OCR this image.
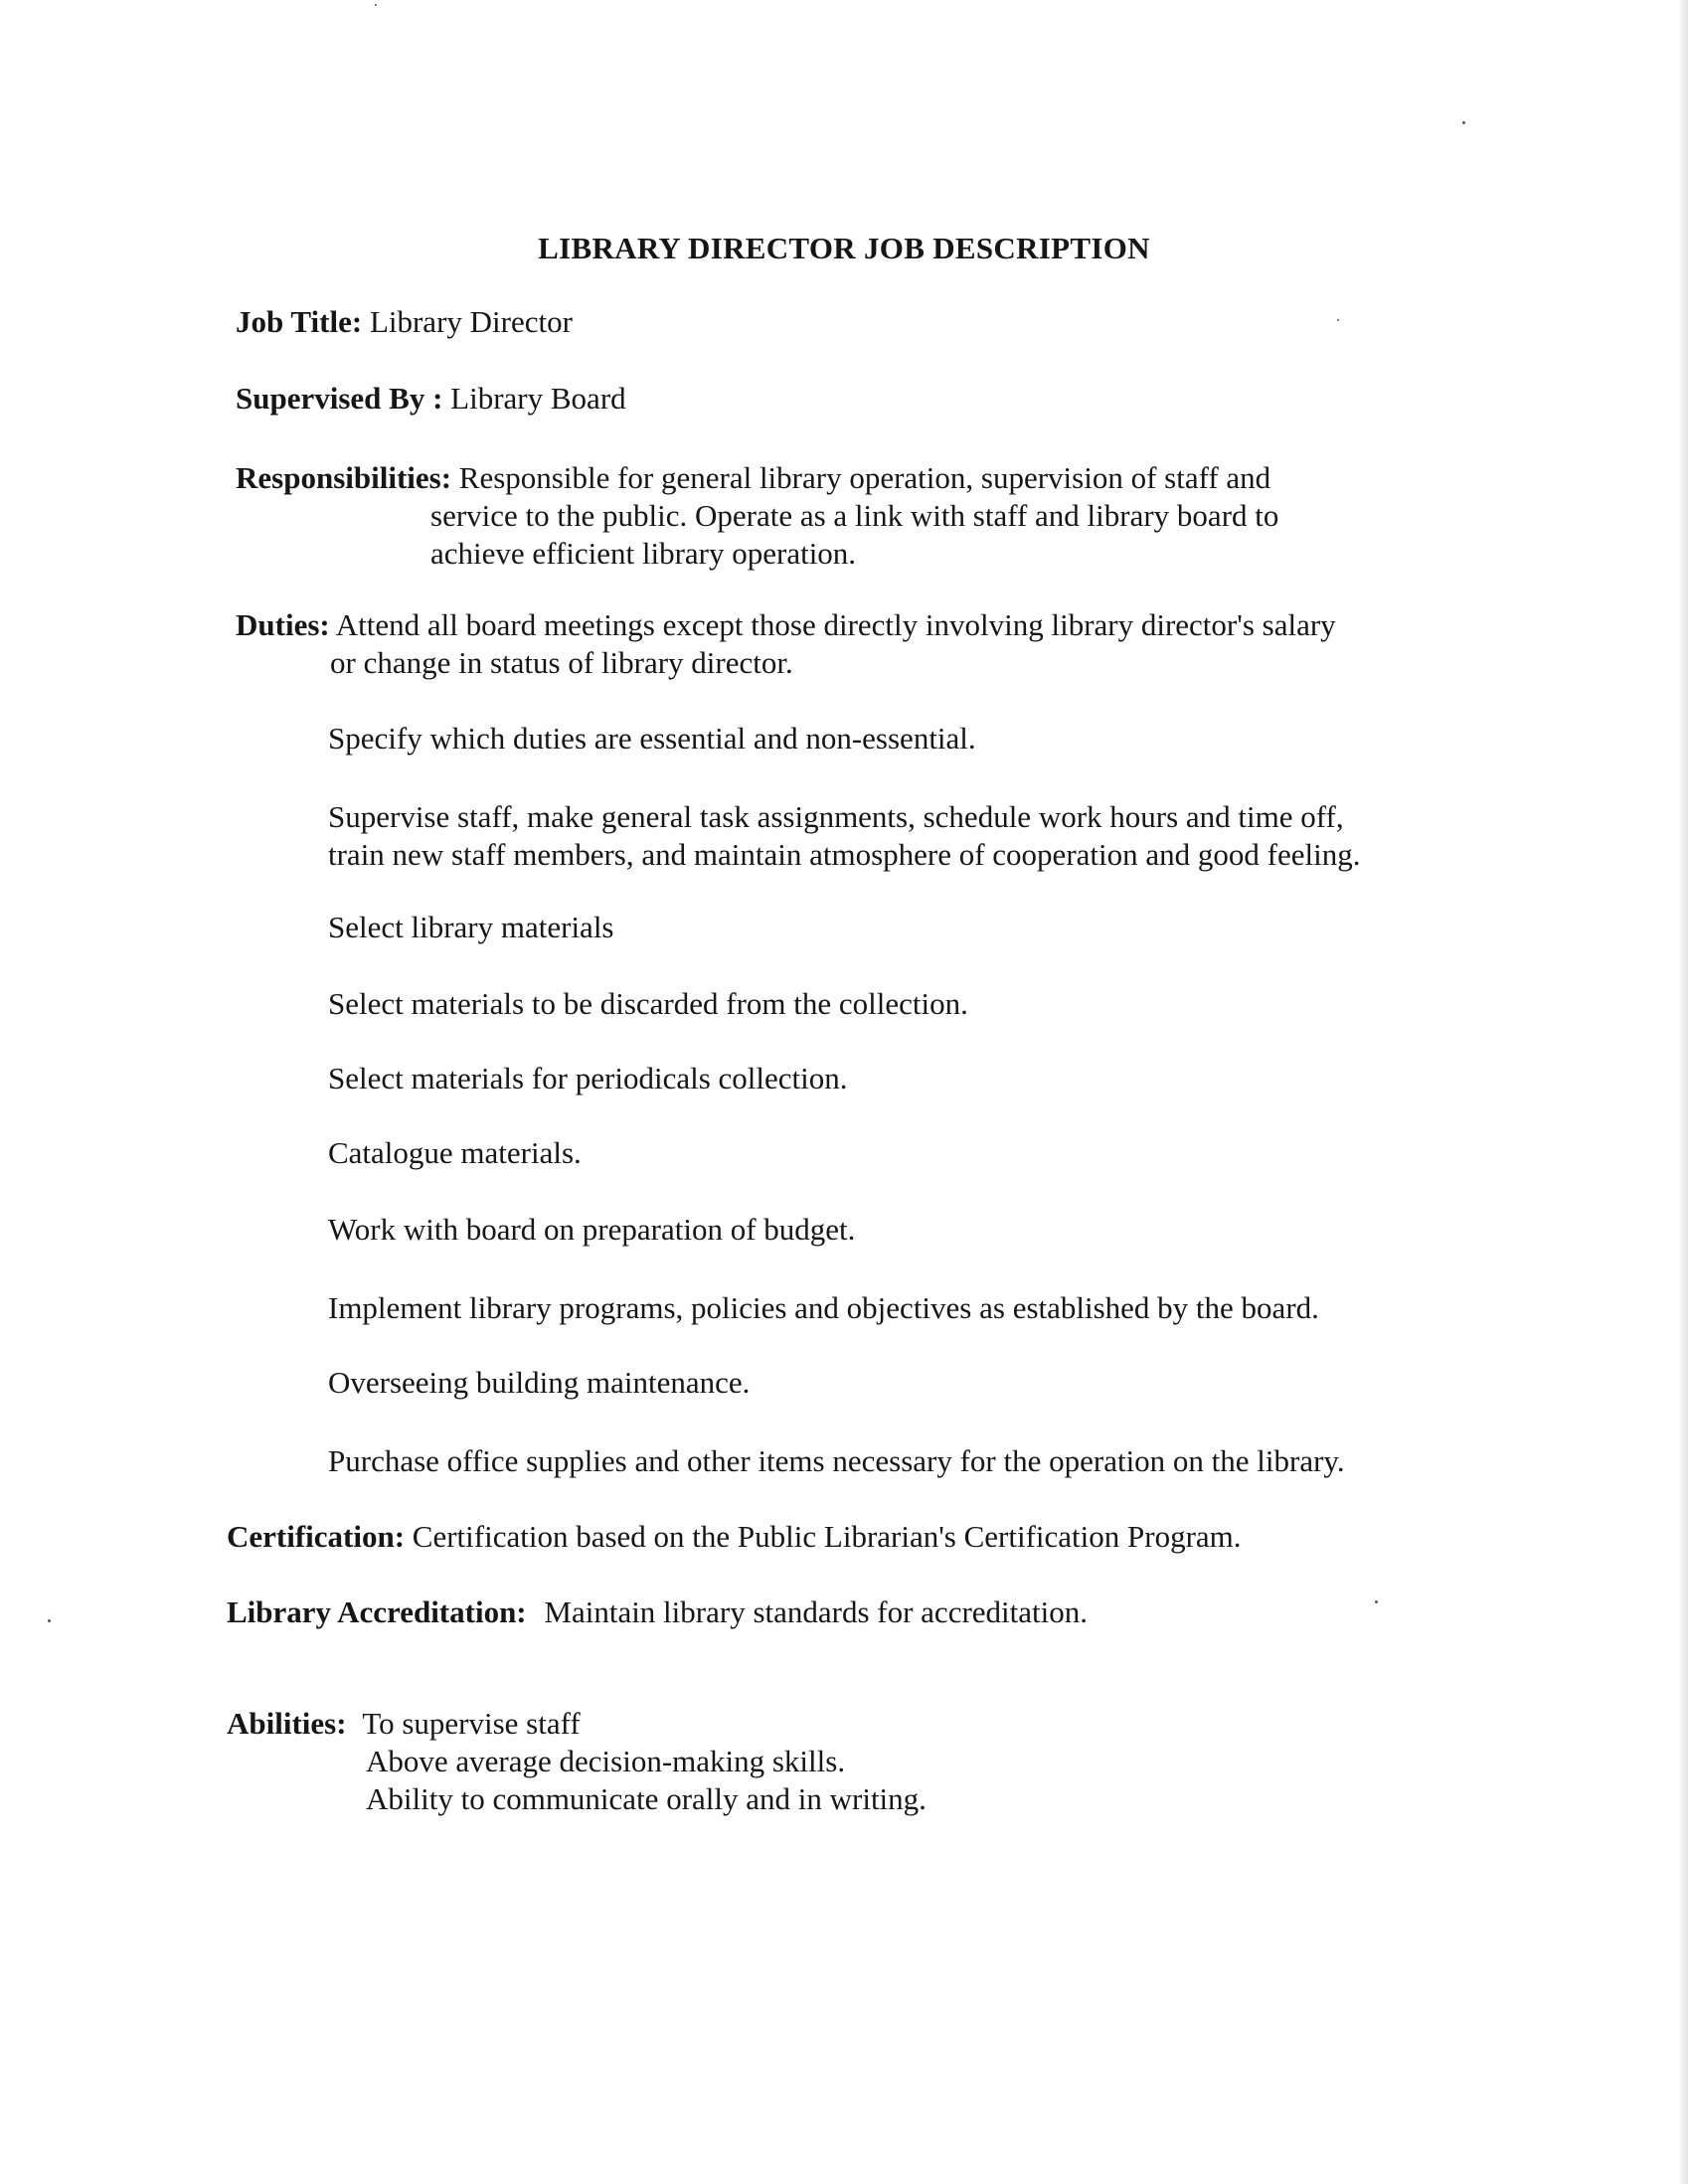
LIBRARY DIRECTOR JOB DESCRIPTION
Job Title: Library Director
Supervised By : Library Board
Responsibilities: Responsible for general library operation, supervision of staff and
service to the public. Operate as a link with staff and library board to
achieve efficient library operation.
Duties: Attend all board meetings except those directly involving library director's salary
or change in status of library director.
Specify which duties are essential and non-essential.
Supervise staff, make general task assignments, schedule work hours and time off,
train new staff members, and maintain atmosphere of cooperation and good feeling.
Select library materials
Select materials to be discarded from the collection.
Select materials for periodicals collection.
Catalogue materials.
Work with board on preparation of budget.
Implement library programs, policies and objectives as established by the board.
Overseeing building maintenance.
Purchase office supplies and other items necessary for the operation on the library.
Certification: Certification based on the Public Librarian's Certification Program.
Library Accreditation: Maintain library standards for accreditation.
Abilities: To supervise staff
Above average decision-making skills.
Ability to communicate orally and in writing.
